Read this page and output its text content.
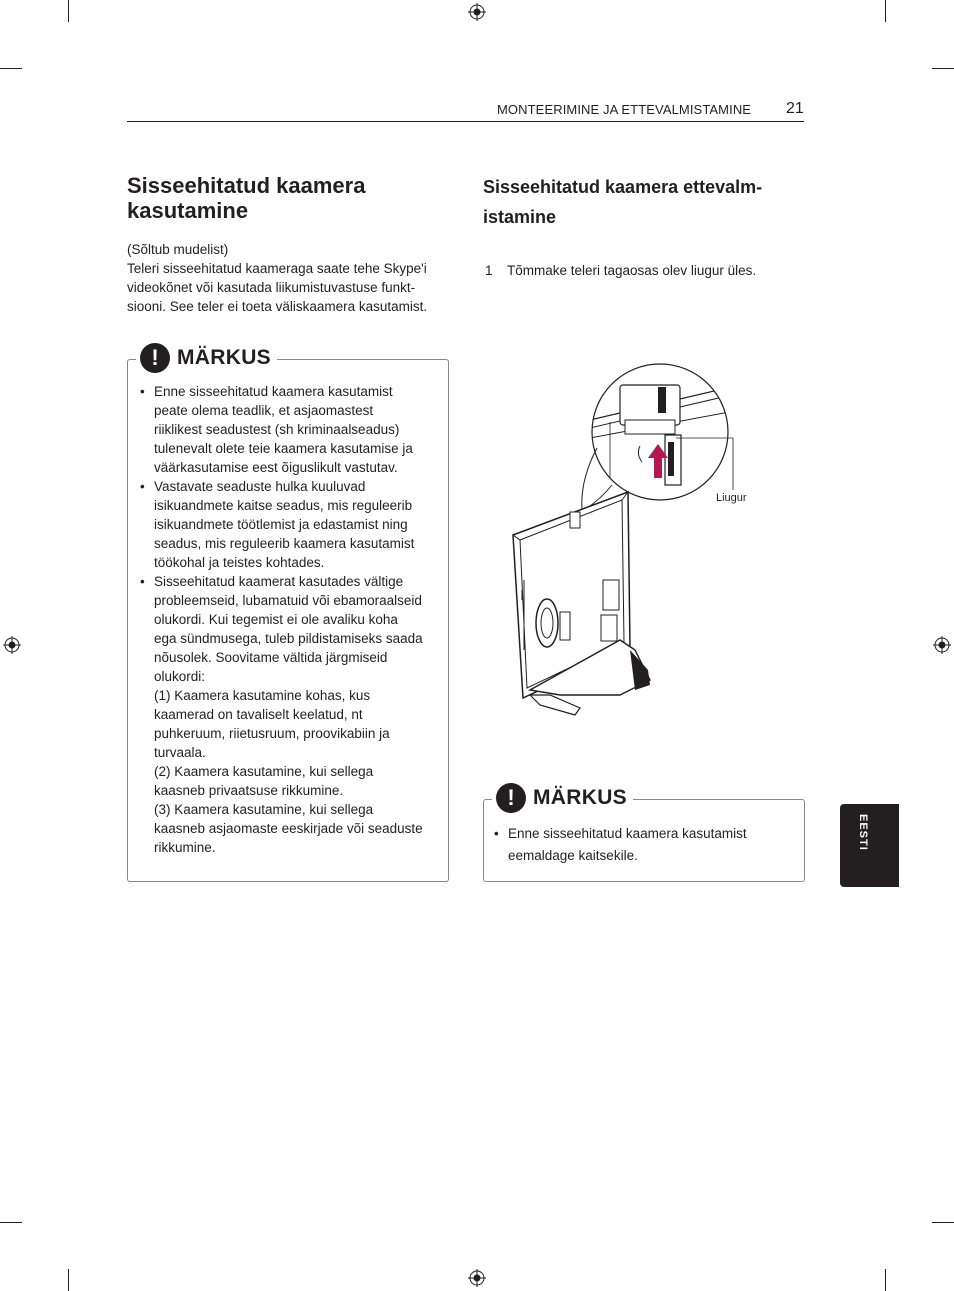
MONTEERIMINE JA ETTEVALMISTAMINE 21
Sisseehitatud kaamera
kasutamine
(Sõltub mudelist)
Teleri sisseehitatud kaameraga saate tehe Skype'i
videokõnet või kasutada liikumistuvastuse funkt-
siooni. See teler ei toeta väliskaamera kasutamist.
! MÄRKUS
• Enne sisseehitatud kaamera kasutamist
peate olema teadlik, et asjaomastest
riiklikest seadustest (sh kriminaalseadus)
tulenevalt olete teie kaamera kasutamise ja
väärkasutamise eest õiguslikult vastutav.
• Vastavate seaduste hulka kuuluvad
isikuandmete kaitse seadus, mis reguleerib
isikuandmete töötlemist ja edastamist ning
seadus, mis reguleerib kaamera kasutamist
töökohal ja teistes kohtades.
• Sisseehitatud kaamerat kasutades vältige
probleemseid, lubamatuid või ebamoraalseid
olukordi. Kui tegemist ei ole avaliku koha
ega sündmusega, tuleb pildistamiseks saada
nõusolek. Soovitame vältida järgmiseid
olukordi:
(1) Kaamera kasutamine kohas, kus
kaamerad on tavaliselt keelatud, nt
puhkeruum, riietusruum, proovikabiin ja
turvaala.
(2) Kaamera kasutamine, kui sellega
kaasneb privaatsuse rikkumine.
(3) Kaamera kasutamine, kui sellega
kaasneb asjaomaste eeskirjade või seaduste
rikkumine.
Sisseehitatud kaamera ettevalm-
istamine
1 Tõmmake teleri tagaosas olev liugur üles.
Liugur
! MÄRKUS
• Enne sisseehitatud kaamera kasutamist
eemaldage kaitsekile.
EESTI
